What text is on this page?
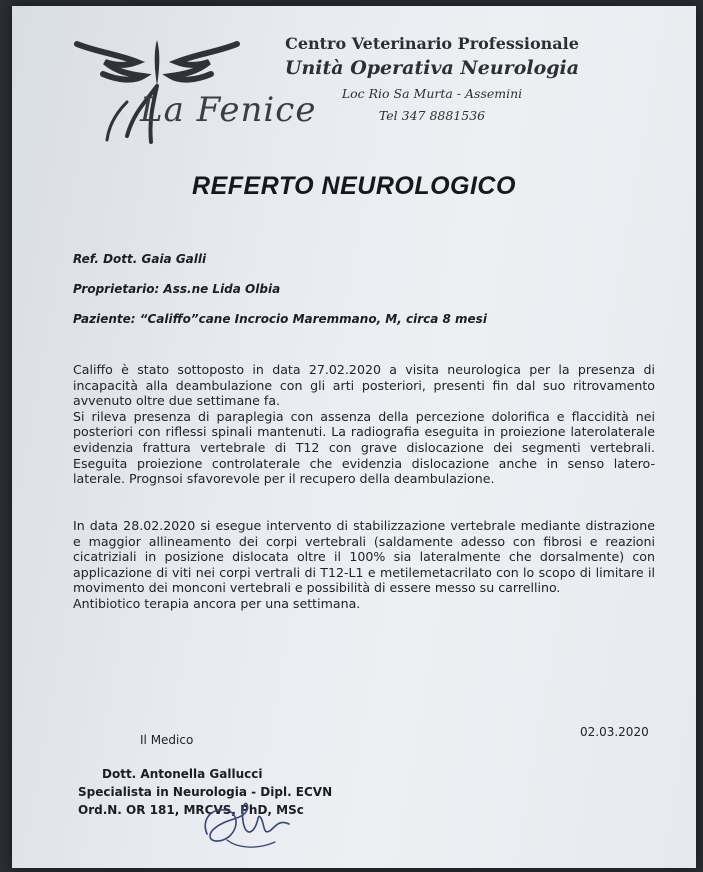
La Fenice
Centro Veterinario Professionale
Unità Operativa Neurologia
Loc Rio Sa Murta - Assemini
Tel 347 8881536
REFERTO NEUROLOGICO
Ref. Dott. Gaia Galli
Proprietario: Ass.ne Lida Olbia
Paziente: “Califfo”cane Incrocio Maremmano, M, circa 8 mesi

Califfo è stato sottoposto in data 27.02.2020 a visita neurologica per la presenza di incapacità alla deambulazione con gli arti posteriori, presenti fin dal suo ritrovamento avvenuto oltre due settimane fa.

Si rileva presenza di paraplegia con assenza della percezione dolorifica e flaccidità nei posteriori con riflessi spinali mantenuti. La radiografia eseguita in proiezione laterolaterale evidenzia frattura vertebrale di T12 con grave dislocazione dei segmenti vertebrali. Eseguita proiezione controlaterale che evidenzia dislocazione anche in senso latero-laterale. Prognsoi sfavorevole per il recupero della deambulazione.

In data 28.02.2020 si esegue intervento di stabilizzazione vertebrale mediante distrazione e maggior allineamento dei corpi vertebrali (saldamente adesso con fibrosi e reazioni cicatriziali in posizione dislocata oltre il 100% sia lateralmente che dorsalmente) con applicazione di viti nei corpi vertrali di T12-L1 e metilemetacrilato con lo scopo di limitare il movimento dei monconi vertebrali e possibilità di essere messo su carrellino.

Antibiotico terapia ancora per una settimana.

Il Medico
02.03.2020
Dott. Antonella Gallucci
Specialista in Neurologia - Dipl. ECVN
Ord.N. OR 181, MRCVS, PhD, MSc
